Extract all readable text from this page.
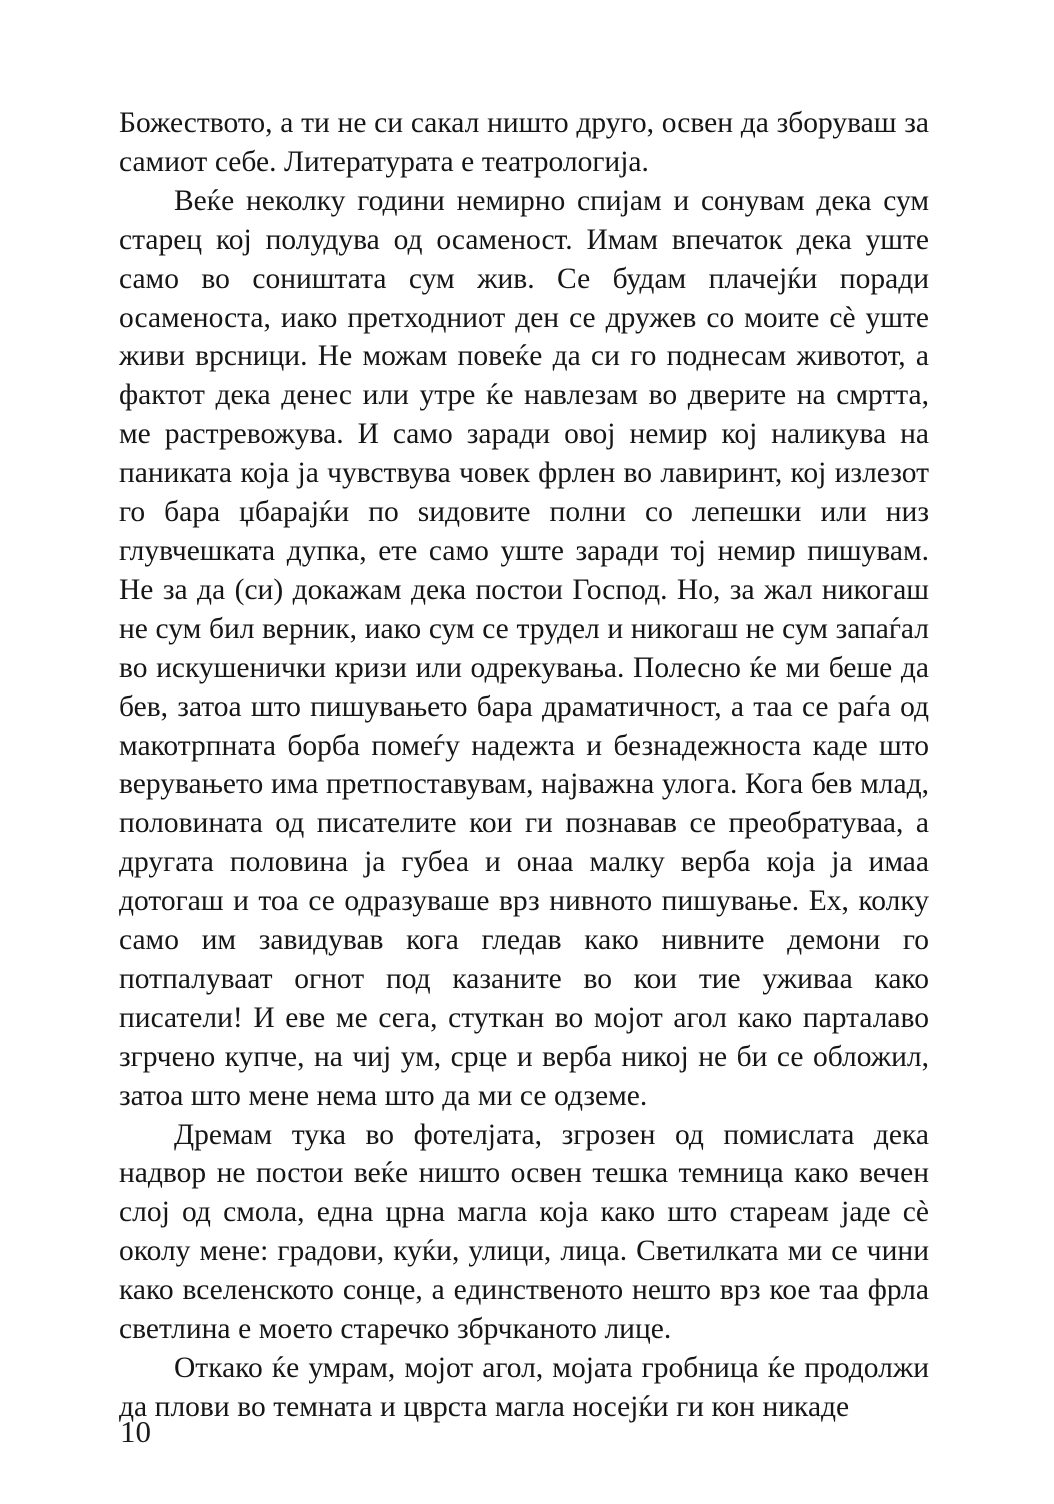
Божеството, а ти не си сакал ништо друго, освен да зборуваш за самиот себе. Литературата е театрологија.

Веќе неколку години немирно спијам и сонувам дека сум старец кој полудува од осаменост. Имам впечаток дека уште само во соништата сум жив. Се будам плачејќи поради осаменоста, иако претходниот ден се дружев со моите сѐ уште живи врсници. Не можам повеќе да си го поднесам животот, а фактот дека денес или утре ќе навлезам во дверите на смртта, ме растревожува. И само заради овој немир кој наликува на паниката која ја чувствува човек фрлен во лавиринт, кој излезот го бара џбарајќи по ѕидовите полни со лепешки или низ глувчешката дупка, ете само уште заради тој немир пишувам. Не за да (си) докажам дека постои Господ. Но, за жал никогаш не сум бил верник, иако сум се трудел и никогаш не сум запаѓал во искушенички кризи или одрекувања. Полесно ќе ми беше да бев, затоа што пишувањето бара драматичност, а таа се раѓа од макотрпната борба помеѓу надежта и безнадежноста каде што верувањето има претпоставувам, најважна улога. Кога бев млад, половината од писателите кои ги познавав се преобратуваа, а другата половина ја губеа и онаа малку верба која ја имаа дотогаш и тоа се одразуваше врз нивното пишување. Ех, колку само им завидував кога гледав како нивните демони го потпалуваат огнот под казаните во кои тие уживаа како писатели! И еве ме сега, стуткан во мојот агол како парталаво згрчено купче, на чиј ум, срце и верба никој не би се обложил, затоа што мене нема што да ми се одземе.

Дремам тука во фотелјата, згрозен од помислата дека надвор не постои веќе ништо освен тешка темница како вечен слој од смола, една црна магла која како што стареам јаде сѐ околу мене: градови, куќи, улици, лица. Светилката ми се чини како вселенското сонце, а единственото нешто врз кое таа фрла светлина е моето старечко збрчканото лице.

Откако ќе умрам, мојот агол, мојата гробница ќе продолжи да плови во темната и цврста магла носејќи ги кон никаде

10
